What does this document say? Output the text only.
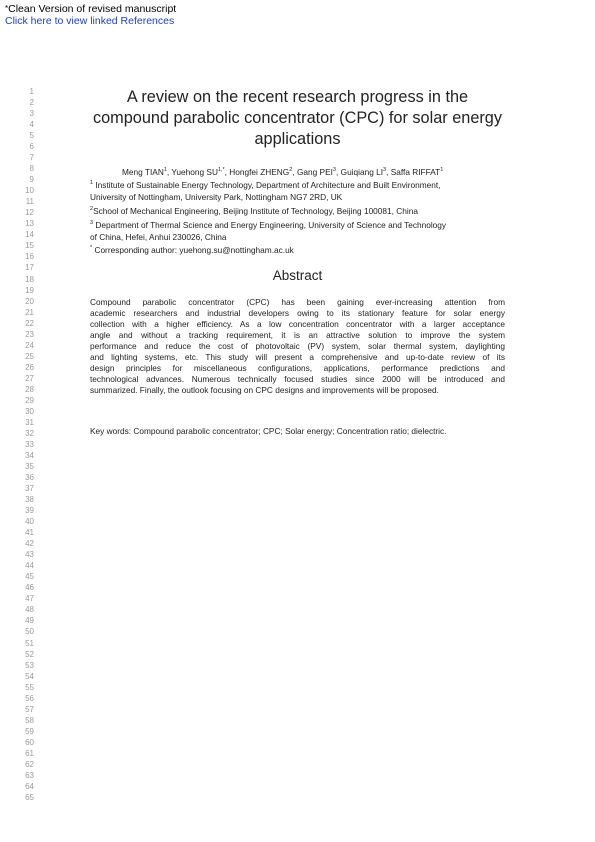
*Clean Version of revised manuscript
Click here to view linked References
1
2
3
4
5
6
7
8
9
10
11
12
13
14
15
16
17
18
19
20
21
22
23
24
25
26
27
28
29
30
31
32
33
34
35
36
37
38
39
40
41
42
43
44
45
46
47
48
49
50
51
52
53
54
55
56
57
58
59
60
61
62
63
64
65
A review on the recent research progress in the
compound parabolic concentrator (CPC) for solar energy
applications
Meng TIAN$^1$, Yuehong $SU^{1,*}$, Hongfei ZHENG$^2$, Gang PEI$^3$, Guiqiang $LI^3$, Saffa RIFFAT$^1$
$^1$ Institute of Sustainable Energy Technology, Department of Architecture and Built Environment,
University of Nottingham, University Park, Nottingham NG7 2RD, UK
$^2$School of Mechanical Engineering, Beijing Institute of Technology, Beijing 100081, China
$^3$ Department of Thermal Science and Energy Engineering, University of Science and Technology
of China, Hefei, Anhui 230026, China
* Corresponding author: yuehong.su@nottingham.ac.uk
Abstract
Compound parabolic concentrator (CPC) has been gaining ever-increasing attention from
academic researchers and industrial developers owing to its stationary feature for solar energy
collection with a higher efficiency. As a low concentration concentrator with a larger acceptance
angle and without a tracking requirement, it is an attractive solution to improve the system
performance and reduce the cost of photovoltaic (PV) system, solar thermal system, daylighting
and lighting systems, etc. This study will present a comprehensive and up-to-date review of its
design principles for miscellaneous configurations, applications, performance predictions and
technological advances. Numerous technically focused studies since 2000 will be introduced and
summarized. Finally, the outlook focusing on CPC designs and improvements will be proposed.
Key words: Compound parabolic concentrator; CPC; Solar energy; Concentration ratio; dielectric.
